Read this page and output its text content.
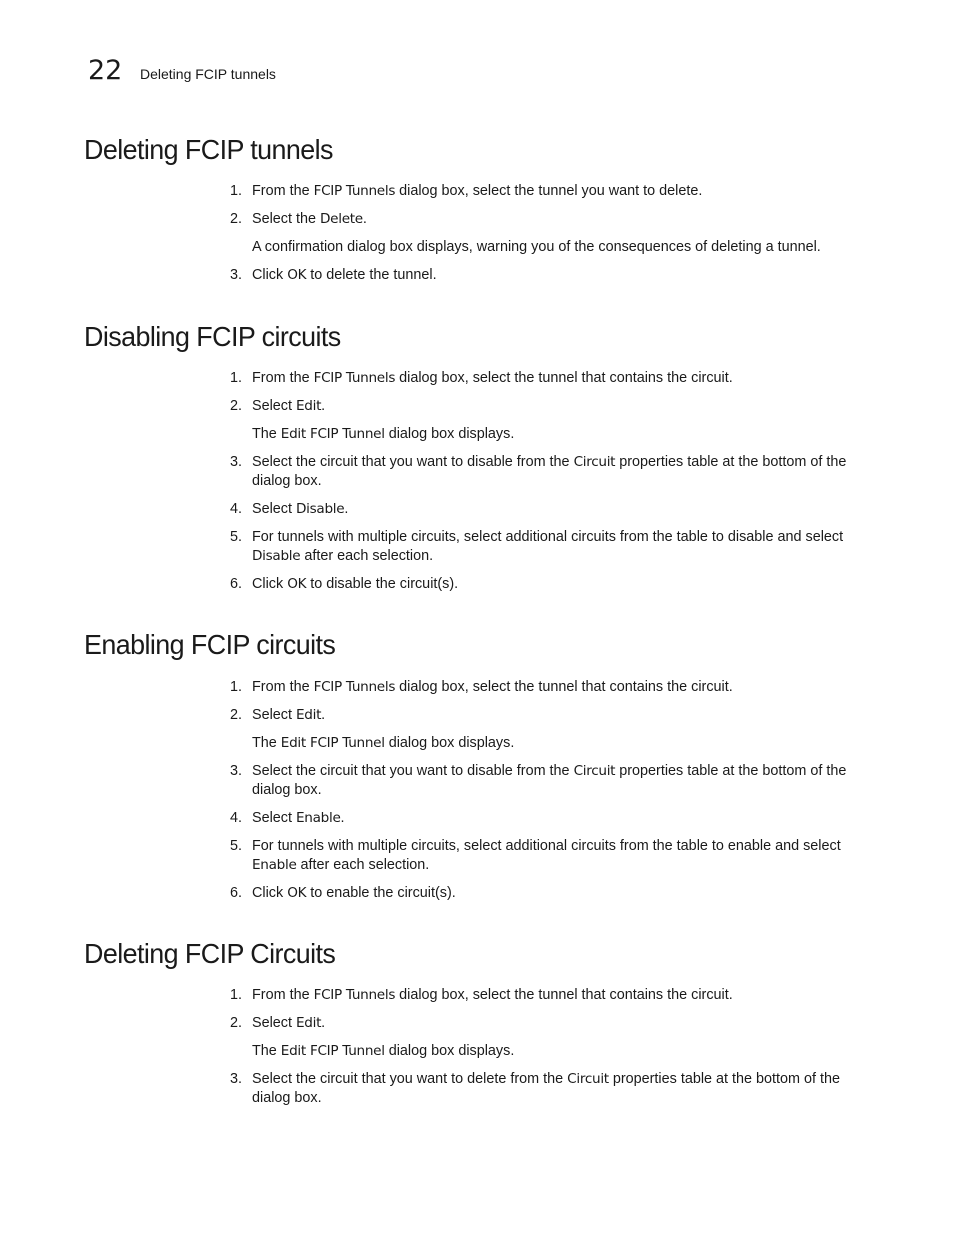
22 Deleting FCIP tunnels
Deleting FCIP tunnels
1 . From the FCIP Tunnels dialog box, select the tunnel you want to delete.
2 . Select the Delete.
A confirmation dialog box displays, warning you of the consequences of deleting a tunnel.
3 . Click OK to delete the tunnel.
Disabling FCIP circuits
1 . From the FCIP Tunnels dialog box, select the tunnel that contains the circuit.
2 . Select Edit.
The Edit FCIP Tunnel dialog box displays.
3 . Select the circuit that you want to disable from the Circuit properties table at the bottom of the dialog box.
4 . Select Disable.
5 . For tunnels with multiple circuits, select additional circuits from the table to disable and select Disable after each selection.
6 . Click OK to disable the circuit(s).
Enabling FCIP circuits
1 . From the FCIP Tunnels dialog box, select the tunnel that contains the circuit.
2 . Select Edit.
The Edit FCIP Tunnel dialog box displays.
3 . Select the circuit that you want to disable from the Circuit properties table at the bottom of the dialog box.
4 . Select Enable.
5 . For tunnels with multiple circuits, select additional circuits from the table to enable and select Enable after each selection.
6 . Click OK to enable the circuit(s).
Deleting FCIP Circuits
1 . From the FCIP Tunnels dialog box, select the tunnel that contains the circuit.
2 . Select Edit.
The Edit FCIP Tunnel dialog box displays.
3 . Select the circuit that you want to delete from the Circuit properties table at the bottom of the dialog box.
